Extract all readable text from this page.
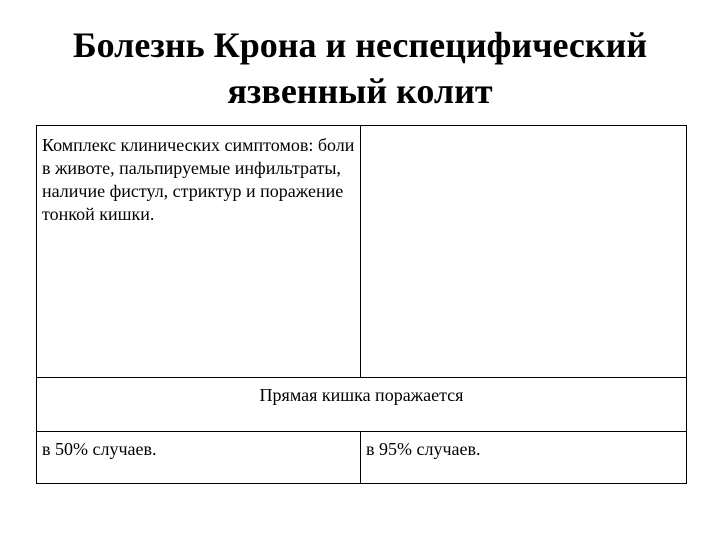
Болезнь Крона и неспецифический
язвенный колит
Комплекс клинических симптомов: боли в животе, пальпируемые инфильтраты, наличие фистул, стриктур и поражение тонкой кишки.	
Прямая кишка поражается	
в 50% случаев.	в 95% случаев.
